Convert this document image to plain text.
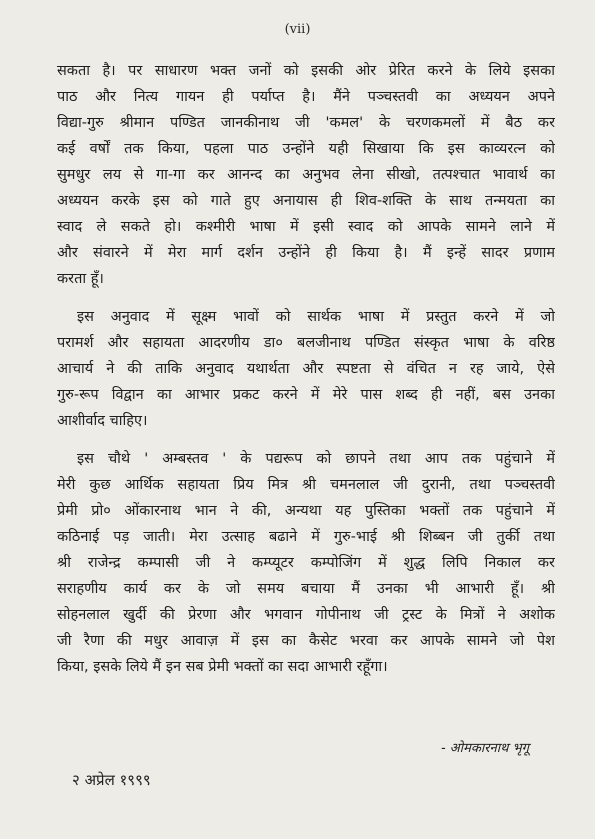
(vii)
सकता है। पर साधारण भक्त जनों को इसकी ओर प्रेरित करने के लिये इसका
पाठ और नित्य गायन ही पर्याप्त है। मैंने पञ्चस्तवी का अध्ययन अपने
विद्या-गुरु श्रीमान पण्डित जानकीनाथ जी 'कमल' के चरणकमलों में बैठ कर
कई वर्षों तक किया, पहला पाठ उन्होंने यही सिखाया कि इस काव्यरत्न को
सुमधुर लय से गा-गा कर आनन्द का अनुभव लेना सीखो, तत्पश्चात भावार्थ का
अध्ययन करके इस को गाते हुए अनायास ही शिव-शक्ति के साथ तन्मयता का
स्वाद ले सकते हो। कश्मीरी भाषा में इसी स्वाद को आपके सामने लाने में
और संवारने में मेरा मार्ग दर्शन उन्होंने ही किया है। मैं इन्हें सादर प्रणाम
करता हूँ।
इस अनुवाद में सूक्ष्म भावों को सार्थक भाषा में प्रस्तुत करने में जो
परामर्श और सहायता आदरणीय डा० बलजीनाथ पण्डित संस्कृत भाषा के वरिष्ठ
आचार्य ने की ताकि अनुवाद यथार्थता और स्पष्टता से वंचित न रह जाये, ऐसे
गुरु-रूप विद्वान का आभार प्रकट करने में मेरे पास शब्द ही नहीं, बस उनका
आशीर्वाद चाहिए।
इस चौथे ' अम्बस्तव ' के पद्यरूप को छापने तथा आप तक पहुंचाने में
मेरी कुछ आर्थिक सहायता प्रिय मित्र श्री चमनलाल जी दुरानी, तथा पञ्चस्तवी
प्रेमी प्रो० ओंकारनाथ भान ने की, अन्यथा यह पुस्तिका भक्तों तक पहुंचाने में
कठिनाई पड़ जाती। मेरा उत्साह बढाने में गुरु-भाई श्री शिब्बन जी तुर्की तथा
श्री राजेन्द्र कम्पासी जी ने कम्प्यूटर कम्पोजिंग में शुद्ध लिपि निकाल कर
सराहणीय कार्य कर के जो समय बचाया मैं उनका भी आभारी हूँ। श्री
सोहनलाल खुर्दी की प्रेरणा और भगवान गोपीनाथ जी ट्रस्ट के मित्रों ने अशोक
जी रैणा की मधुर आवाज़ में इस का कैसेट भरवा कर आपके सामने जो पेश
किया, इसके लिये मैं इन सब प्रेमी भक्तों का सदा आभारी रहूँगा।
- ओमकारनाथ भृगू
२ अप्रेल १९९९
